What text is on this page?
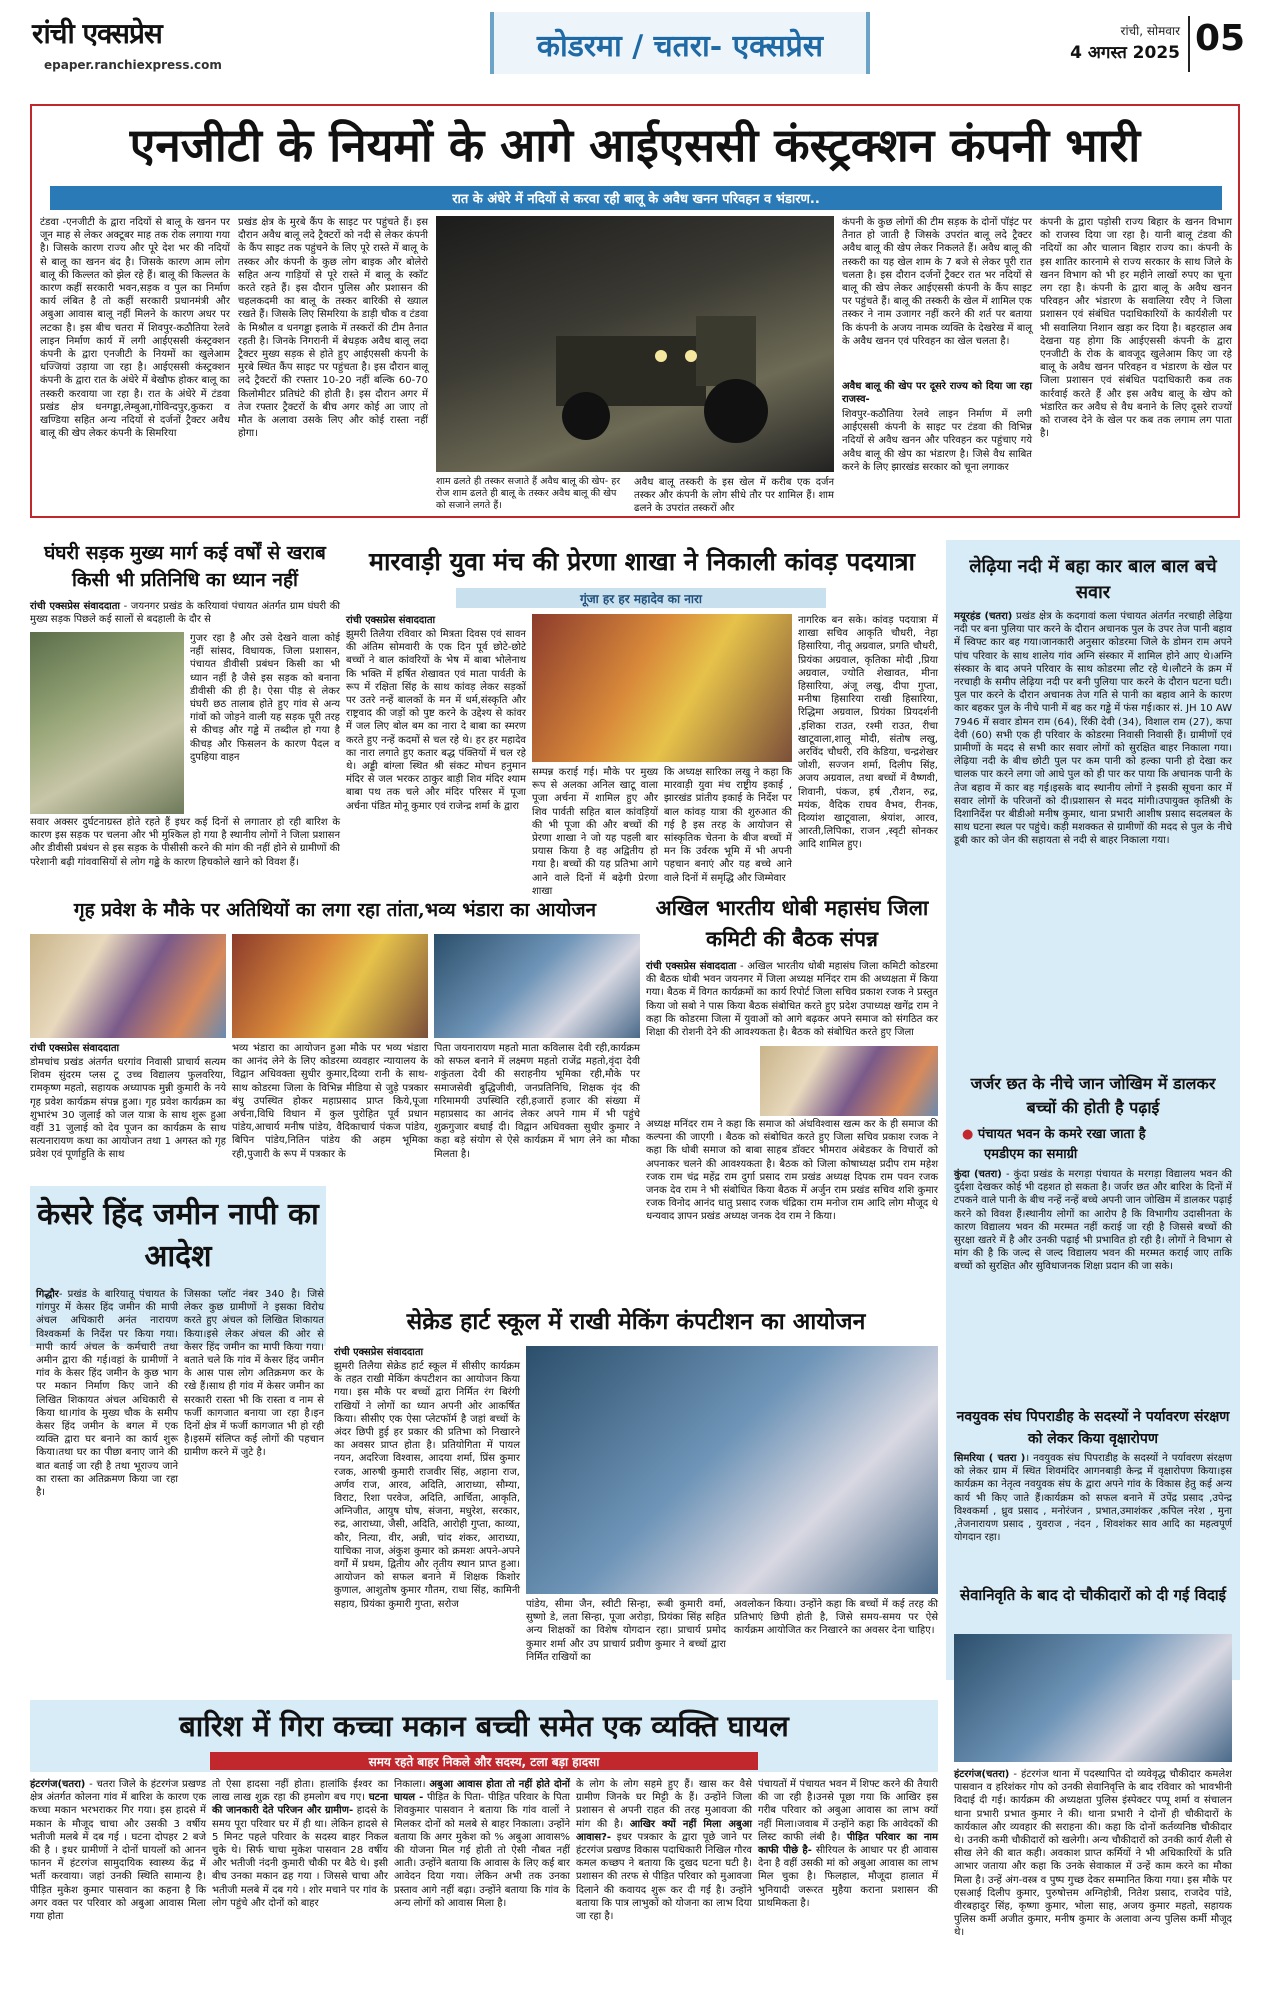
रांची एक्सप्रेस
epaper.ranchiexpress.com
कोडरमा / चतरा- एक्सप्रेस	रांची, सोमवार
4 अगस्त 2025 05
एनजीटी के नियमों के आगे आईएससी कंस्ट्रक्शन कंपनी भारी
रात के अंधेरे में नदियों से करवा रही बालू के अवैध खनन परिवहन व भंडारण..
टंडवा -एनजीटी के द्वारा नदियों से बालू के खनन पर जून माह से लेकर अक्टूबर माह तक रोक लगाया गया है। जिसके कारण राज्य और पूरे देश भर की नदियों से बालू का खनन बंद है। जिसके कारण आम लोग बालू की किल्लत को झेल रहे हैं। बालू की किल्लत के कारण कहीं सरकारी भवन,सड़क व पुल का निर्माण कार्य लंबित है तो कहीं सरकारी प्रधानमंत्री और अबुआ आवास बालू नहीं मिलने के कारण अधर पर लटका है। इस बीच चतरा में शिवपुर-कठौतिया रेलवे लाइन निर्माण कार्य में लगी आईएससी कंस्ट्रक्शन कंपनी के द्वारा एनजीटी के नियमों का खुलेआम धज्जियां उड़ाया जा रहा है। आईएससी कंस्ट्रक्शन कंपनी के द्वारा रात के अंधेरे में बेखौफ होकर बालू का तस्करी करवाया जा रहा है। रात के अंधेरे में टंडवा प्रखंड क्षेत्र धनगड्डा,लेम्बुआ,गोविन्दपुर,कुकरा व खण्डिया सहित अन्य नदियों से दर्जनों ट्रैक्टर अवैध बालू की खेप लेकर कंपनी के सिमरिया
प्रखंड क्षेत्र के मुरबे कैंप के साइट पर पहुंचते हैं। इस दौरान अवैध बालू लदे ट्रैक्टरों को नदी से लेकर कंपनी के कैंप साइट तक पहुंचने के लिए पूरे रास्ते में बालू के तस्कर और कंपनी के कुछ लोग बाइक और बोलेरो सहित अन्य गाड़ियों से पूरे रास्ते में बालू के स्कॉट करते रहते हैं। इस दौरान पुलिस और प्रशासन की चहलकदमी का बालू के तस्कर बारिकी से ख्याल रखते हैं। जिसके लिए सिमरिया के डाड़ी चौक व टंडवा के मिश्रौल व धनगड्डा इलाके में तस्करों की टीम तैनात रहती है। जिनके निगरानी में बेधड़क अवैध बालू लदा ट्रैक्टर मुख्य सड़क से होते हुए आईएससी कंपनी के मुरबे स्थित कैंप साइट पर पहुंचता है। इस दौरान बालू लदे ट्रैक्टरों की रफ्तार 10-20 नहीं बल्कि 60-70 किलोमीटर प्रतिघंटे की होती है। इस दौरान अगर में तेज रफ्तार ट्रैक्टरों के बीच अगर कोई आ जाए तो मौत के अलावा उसके लिए और कोई रास्ता नहीं होगा।
शाम ढलते ही तस्कर सजाते हैं अवैध बालू की खेप- हर रोज शाम ढलते ही बालू के तस्कर अवैध बालू की खेप को सजाने लगते हैं।
अवैध बालू तस्करी के इस खेल में करीब एक दर्जन तस्कर और कंपनी के लोग सीधे तौर पर शामिल हैं। शाम ढलने के उपरांत तस्करों और
कंपनी के कुछ लोगों की टीम सड़क के दोनों पॉइंट पर तैनात हो जाती है जिसके उपरांत बालू लदे ट्रैक्टर अवैध बालू की खेप लेकर निकलते हैं। अवैध बालू की तस्करी का यह खेल शाम के 7 बजे से लेकर पूरी रात चलता है। इस दौरान दर्जनों ट्रैक्टर रात भर नदियों से बालू की खेप लेकर आईएससी कंपनी के कैंप साइट पर पहुंचते हैं। बालू की तस्करी के खेल में शामिल एक तस्कर ने नाम उजागर नहीं करने की शर्त पर बताया कि कंपनी के अजय नामक व्यक्ति के देखरेख में बालू के अवैध खनन एवं परिवहन का खेल चलता है।
अवैध बालू की खेप पर दूसरे राज्य को दिया जा रहा राजस्व-
शिवपुर-कठौतिया रेलवे लाइन निर्माण में लगी आईएससी कंपनी के साइट पर टंडवा की विभिन्न नदियों से अवैध खनन और परिवहन कर पहुंचाए गये अवैध बालू की खेप का भंडारण है। जिसे वैध साबित करने के लिए झारखंड सरकार को चूना लगाकर
कंपनी के द्वारा पड़ोसी राज्य बिहार के खनन विभाग को राजस्व दिया जा रहा है। यानी बालू टंडवा की नदियों का और चालान बिहार राज्य का। कंपनी के इस शातिर कारनामे से राज्य सरकार के साथ जिले के खनन विभाग को भी हर महीने लाखों रुपए का चूना लग रहा है। कंपनी के द्वारा बालू के अवैध खनन परिवहन और भंडारण के सवालिया रवैए ने जिला प्रशासन एवं संबंधित पदाधिकारियों के कार्यशैली पर भी सवालिया निशान खड़ा कर दिया है। बहरहाल अब देखना यह होगा कि आईएससी कंपनी के द्वारा एनजीटी के रोक के बावजूद खुलेआम किए जा रहे बालू के अवैध खनन परिवहन व भंडारण के खेल पर जिला प्रशासन एवं संबंधित पदाधिकारी कब तक कार्रवाई करते हैं और इस अवैध बालू के खेप को भंडारित कर अवैध से वैध बनाने के लिए दूसरे राज्यों को राजस्व देने के खेल पर कब तक लगाम लग पाता है।
घंघरी सड़क मुख्य मार्ग कई वर्षों से खराब किसी भी प्रतिनिधि का ध्यान नहीं
रांची एक्सप्रेस संवाददाता - जयनगर प्रखंड के करियावां पंचायत अंतर्गत ग्राम घंघरी की मुख्य सड़क पिछले कई सालों से बदहाली के दौर से
गुजर रहा है और उसे देखने वाला कोई नहीं सांसद, विधायक, जिला प्रशासन, पंचायत डीवीसी प्रबंधन किसी का भी ध्यान नहीं है जैसे इस सड़क को बनाना डीवीसी की ही है। ऐसा पीड़ से लेकर घंघरी छठ तालाब होते हुए गांव से अन्य गांवों को जोड़ने वाली यह सड़क पूरी तरह से कीचड़ और गड्ढे में तब्दील हो गया है कीचड़ और फिसलन के कारण पैदल व दुपहिया वाहन
सवार अक्सर दुर्घटनाग्रस्त होते रहते हैं इधर कई दिनों से लगातार हो रही बारिश के कारण इस सड़क पर चलना और भी मुश्किल हो गया है स्थानीय लोगों ने जिला प्रशासन और डीवीसी प्रबंधन से इस सड़क के पीसीसी करने की मांग की नहीं होने से ग्रामीणों की परेशानी बढ़ी गांववासियों से लोग गढ्ढे के कारण हिचकोले खाने को विवश हैं।
मारवाड़ी युवा मंच की प्रेरणा शाखा ने निकाली कांवड़ पदयात्रा
गूंजा हर हर महादेव का नारा
रांची एक्सप्रेस संवाददाता
झुमरी तिलैया रविवार को मित्रता दिवस एवं सावन की अंतिम सोमवारी के एक दिन पूर्व छोटे-छोटे बच्चों ने बाल कांवरियों के भेष में बाबा भोलेनाथ कि भक्ति में हर्षित शेखावत एवं माता पार्वती के रूप में रक्षिता सिंह के साथ कांवड़ लेकर सड़कों पर उतरे नन्हें बालकों के मन में धर्म,संस्कृति और राष्ट्रवाद की जड़ों को पुष्ट करने के उद्देश्य से कांवर में जल लिए बोल बम का नारा दे बाबा का स्मरण करते हुए नन्हें कदमों से चल रहे थे। हर हर महादेव का नारा लगाते हुए कतार बद्ध पंक्तियों में चल रहे थे। अड्डी बांग्ला स्थित श्री संकट मोचन हनुमान मंदिर से जल भरकर ठाकुर बाड़ी शिव मंदिर श्याम बाबा पथ तक चले और मंदिर परिसर में पूजा अर्चना पंडित मोनू कुमार एवं राजेन्द्र शर्मा के द्वारा
सम्पन्न कराई गई। मौके पर मुख्य रूप से अलका अनिल खाटू वाला पूजा अर्चना में शामिल हुए और शिव पार्वती सहित बाल कांवड़ियों की भी पूजा की और बच्चों की प्रेरणा शाखा ने जो यह पहली बार प्रयास किया है वह अद्वितीय हो गया है। बच्चों की यह प्रतिभा आगे आने वाले दिनों में बढ़ेगी प्रेरणा शाखा
कि अध्यक्ष सारिका लखु ने कहा कि मारवाड़ी युवा मंच राष्ट्रीय इकाई , झारखंड प्रांतीय इकाई के निर्देश पर बाल कांवड़ यात्रा की शुरुआत की गई है इस तरह के आयोजन से सांस्कृतिक चेतना के बीज बच्चों में मन कि उर्वरक भूमि में भी अपनी पहचान बनाएं और यह बच्चे आने वाले दिनों में समृद्धि और जिम्मेवार
नागरिक बन सके। कांवड़ पदयात्रा में शाखा सचिव आकृति चौधरी, नेहा हिसारिया, नीतू अग्रवाल, प्रगति चौधरी, प्रियंका अग्रवाल, कृतिका मोदी ,प्रिया अग्रवाल, ज्योति शेखावत, मीना हिसारिया, अंजू लखु, दीपा गुप्ता, मनीषा हिसारिया राखी हिसारिया, रिद्धिमा अग्रवाल, प्रियंका प्रियदर्शनी ,इशिका राउत, रश्मी राउत, रीचा खाटूवाला,शालू मोदी, संतोष लखु, अरविंद चौधरी, रवि केडिया, चन्द्रशेखर जोशी, सज्जन शर्मा, दिलीप सिंह, अजय अग्रवाल, तथा बच्चों में वैष्णवी, शिवानी, पंकज, हर्ष ,रौशन, रुद्र, मयंक, वैदिक राघव वैभव, रीनक, दिव्यांश खाटूवाला, श्रेयांश, आरव, आरती,लिपिका, राजन ,स्वृटी सोनकर आदि शामिल हुए।
लेढ़िया नदी में बहा कार बाल बाल बचे सवार
मयूरहंड (चतरा) प्रखंड क्षेत्र के कदगावां कला पंचायत अंतर्गत नरचाही लेढ़िया नदी पर बना पुलिया पार करने के दौरान अचानक पुल के उपर तेज पानी बहाव में स्विफ्ट कार बह गया।जानकारी अनुसार कोडरमा जिले के डोमन राम अपने पांच परिवार के साथ शालेय गांव अग्नि संस्कार में शामिल होने आए थे।अग्नि संस्कार के बाद अपने परिवार के साथ कोडरमा लौट रहे थे।लौटने के क्रम में नरचाही के समीप लेढ़िया नदी पर बनी पुलिया पार करने के दौरान घटना घटी।पुल पार करने के दौरान अचानक तेज गति से पानी का बहाव आने के कारण कार बहकर पुल के नीचे पानी में बह कर गड्ढे में फंस गई।कार सं. JH 10 AW 7946 में सवार डोमन राम (64), रिंकी देवी (34), विशाल राम (27), कपा देवी (60) सभी एक ही परिवार के कोडरमा निवासी निवासी हैं। ग्रामीणों एवं प्रामीणों के मदद से सभी कार सवार लोगों को सुरक्षित बाहर निकाला गया।लेढ़िया नदी के बीच छोटी पुल पर कम पानी को हल्का पानी हो देखा कर चालक पार करने लगा जो आधे पुल को ही पार कर पाया कि अचानक पानी के तेज बहाव में कार बह गई।इसके बाद स्थानीय लोगों ने इसकी सूचना कार में सवार लोगों के परिजनों को दी।प्रशासन से मदद मांगी।उपायुक्त कृतिश्री के दिशानिर्देश पर बीडीओ मनीष कुमार, थाना प्रभारी आशीष प्रसाद सदलबल के साथ घटना स्थल पर पहुंचे। कड़ी मशक्कत से ग्रामीणों की मदद से पुल के नीचे डूबी कार को जेन की सहायता से नदी से बाहर निकाला गया।
जर्जर छत के नीचे जान जोखिम में डालकर बच्चों की होती है पढ़ाई
● पंचायत भवन के कमरे रखा जाता है
एमडीएम का समाग्री
कुंदा (चतरा) - कुंदा प्रखंड के मरगड़ा पंचायत के मरगड़ा विद्यालय भवन की दुर्दशा देखकर कोई भी दहशत हो सकता है। जर्जर छत और बारिश के दिनों में टपकने वाले पानी के बीच नन्हें नन्हें बच्चे अपनी जान जोखिम में डालकर पढ़ाई करने को विवश हैं।स्थानीय लोगों का आरोप है कि विभागीय उदासीनता के कारण विद्यालय भवन की मरम्मत नहीं कराई जा रही है जिससे बच्चों की सुरक्षा खतरे में है और उनकी पढ़ाई भी प्रभावित हो रही है। लोगों ने विभाग से मांग की है कि जल्द से जल्द विद्यालय भवन की मरम्मत कराई जाए ताकि बच्चों को सुरक्षित और सुविधाजनक शिक्षा प्रदान की जा सके।
नवयुवक संघ पिपराडीह के सदस्यों ने पर्यावरण संरक्षण को लेकर किया वृक्षारोपण
सिमरिया ( चतरा )। नवयुवक संघ पिपराडीह के सदस्यों ने पर्यावरण संरक्षण को लेकर ग्राम में स्थित शिवमंदिर आगनबाड़ी केन्द्र में वृक्षारोपण किया।इस कार्यक्रम का नेतृत्व नवयुवक संघ के द्वारा अपने गांव के विकास हेतु कई अन्य कार्य भी किए जाते हैं।कार्यक्रम को सफल बनाने में उपेंद्र प्रसाद ,उपेन्द्र विश्वकर्मा , ध्रुव प्रसाद , मनोरंजन , प्रभात,उमाशंकर ,कपिल नरेश , मुना ,तेजनारायण प्रसाद , युवराज , नंदन , शिवशंकर साव आदि का महत्वपूर्ण योगदान रहा।
सेवानिवृति के बाद दो चौकीदारों को दी गई विदाई
हंटरगंज(चतरा) - हंटरगंज थाना में पदस्थापित दो व्यवेवृद्ध चौकीदार कमलेश पासवान व हरिशंकर गोप को उनकी सेवानिवृत्ति के बाद रविवार को भावभीनी विदाई दी गई। कार्यक्रम की अध्यक्षता पुलिस इंस्पेक्टर पप्पू शर्मा व संचालन थाना प्रभारी प्रभात कुमार ने की। थाना प्रभारी ने दोनों ही चौकीदारों के कार्यकाल और व्यवहार की सराहना की। कहा कि दोनों कर्तव्यनिष्ठ चौकीदार थे। उनकी कमी चौकीदारों को खलेगी। अन्य चौकीदारों को उनकी कार्य शैली से सीख लेने की बात कही। अवकाश प्राप्त कर्मियों ने भी अधिकारियों के प्रति आभार जताया और कहा कि उनके सेवाकाल में उन्हें काम करने का मौका मिला है। उन्हें अंग-वस्त्र व पुष्प गुच्छ देकर सम्मानित किया गया। इस मौके पर एसआई दिलीप कुमार, पुरुषोत्तम अग्निहोत्री, नितेश प्रसाद, राजदेव पांडे, वीरबहादुर सिंह, कृष्णा कुमार, भोला साह, अजय कुमार महतो, सहायक पुलिस कर्मी अजीत कुमार, मनीष कुमार के अलावा अन्य पुलिस कर्मी मौजूद थे।
गृह प्रवेश के मौके पर अतिथियों का लगा रहा तांता,भव्य भंडारा का आयोजन
रांची एक्सप्रेस संवाददाता
डोमचांच प्रखंड अंतर्गत धरगांव निवासी प्राचार्य सत्यम शिवम सुंदरम प्लस टू उच्च विद्यालय फुलवरिया, रामकृष्ण महतो, सहायक अध्यापक मुन्नी कुमारी के नये गृह प्रवेश कार्यक्रम संपन्न हुआ। गृह प्रवेश कार्यक्रम का शुभारंभ 30 जुलाई को जल यात्रा के साथ शुरू हुआ वहीं 31 जुलाई को देव पूजन का कार्यक्रम के साथ सत्यनारायण कथा का आयोजन तथा 1 अगस्त को गृह प्रवेश एवं पूर्णाहुति के साथ
भव्य भंडारा का आयोजन हुआ मौके पर भव्य भंडारा का आनंद लेने के लिए कोडरमा व्यवहार न्यायालय के विद्वान अधिवक्ता सुधीर कुमार,दिव्या रानी के साथ-साथ कोडरमा जिला के विभिन्न मीडिया से जुड़े पत्रकार बंधु उपस्थित होकर महाप्रसाद प्राप्त किये,पूजा अर्चना,विधि विधान में कुल पुरोहित पूर्व प्रधान पांडेय,आचार्य मनीष पांडेय, वैदिकाचार्य पंकज पांडेय, बिपिन पांडेय,नितिन पांडेय की अहम भूमिका रही,पुजारी के रूप में पत्रकार के
पिता जयनारायण महतो माता कविलास देवी रही,कार्यक्रम को सफल बनाने में लक्ष्मण महतो राजेंद्र महतो,वृंदा देवी शकुंतला देवी की सराहनीय भूमिका रही,मौके पर समाजसेवी बुद्धिजीवी, जनप्रतिनिधि, शिक्षक वृंद की गरिमामयी उपस्थिति रही,हजारों हजार की संख्या में महाप्रसाद का आनंद लेकर अपने गाम में भी पहुंचे शुक्रगुजार बधाई दी। विद्वान अधिवक्ता सुधीर कुमार ने कहा बड़े संयोग से ऐसे कार्यक्रम में भाग लेने का मौका मिलता है।
अखिल भारतीय धोबी महासंघ जिला कमिटी की बैठक संपन्न
रांची एक्सप्रेस संवाददाता - अखिल भारतीय धोबी महासंघ जिला कमिटी कोडरमा की बैठक धोबी भवन जयनगर में जिला अध्यक्ष मनिंदर राम की अध्यक्षता में किया गया। बैठक में विगत कार्यक्रमों का कार्य रिपोर्ट जिला सचिव प्रकाश रजक ने प्रस्तुत किया जो सबो ने पास किया बैठक संबोधित करते हुए प्रदेश उपाध्यक्ष खगेंद्र राम ने कहा कि कोडरमा जिला में युवाओं को आगे बढ़कर अपने समाज को संगठित कर शिक्षा की रोशनी देने की आवश्यकता है। बैठक को संबोधित करते हुए जिला
अध्यक्ष मनिंदर राम ने कहा कि समाज को अंधविश्वास खत्म कर के ही समाज की कल्पना की जाएगी । बैठक को संबोधित करते हुए जिला सचिव प्रकाश रजक ने कहा कि धोबी समाज को बाबा साहब डॉक्टर भीमराव अंबेडकर के विचारों को अपनाकर चलने की आवश्यकता है। बैठक को जिला कोषाध्यक्ष प्रदीप राम महेश रजक राम चंद्र महेंद्र राम दुर्गा प्रसाद राम प्रखंड अध्यक्ष दिपक राम पवन रजक जनक देव राम ने भी संबोधित किया बैठक में अर्जुन राम प्रखंड सचिव शशि कुमार रजक विनोद आनंद धातु प्रसाद रजक चंद्रिका राम मनोज राम आदि लोग मौजूद थे धन्यवाद ज्ञापन प्रखंड अध्यक्ष जनक देव राम ने किया।
केसरे हिंद जमीन नापी का आदेश
गिद्धौर- प्रखंड के बारियातू पंचायत के गांगपुर में केसर हिंद जमीन की मापी अंचल अधिकारी अनंत नारायण विश्वकर्मा के निर्देश पर किया गया। मापी कार्य अंचल के कर्मचारी तथा अमीन द्वारा की गई।वहां के ग्रामीणों ने गांव के केसर हिंद जमीन के कुछ भाग पर मकान निर्माण किए जाने की लिखित शिकायत अंचल अधिकारी से किया था।गांव के मुख्य चौक के समीप केसर हिंद जमीन के बगल में एक व्यक्ति द्वारा घर बनाने का कार्य शुरू किया।तथा घर का पीछा बनाए जाने की बात बताई जा रही है तथा भूराज्य जाने का रास्ता का अतिक्रमण किया जा रहा है।
जिसका प्लॉट नंबर 340 है। जिसे लेकर कुछ ग्रामीणों ने इसका विरोध करते हुए अंचल को लिखित शिकायत किया।इसे लेकर अंचल की ओर से केसर हिंद जमीन का मापी किया गया।बताते चले कि गांव में केसर हिंद जमीन के आस पास लोग अतिक्रमण कर के रखे हैं।साथ ही गांव में केसर जमीन का सरकारी रास्ता भी कि रास्ता व नाम से फर्जी कागजात बनाया जा रहा है।इन दिनों क्षेत्र में फर्जी कागजात भी हो रही है।इसमें संलिप्त कई लोगों की पहचान ग्रामीण करने में जुटे है।
सेक्रेड हार्ट स्कूल में राखी मेकिंग कंपटीशन का आयोजन
रांची एक्सप्रेस संवाददाता
झुमरी तिलैया सेक्रेड हार्ट स्कूल में सीसीए कार्यक्रम के तहत राखी मेकिंग कंपटीशन का आयोजन किया गया। इस मौके पर बच्चों द्वारा निर्मित रंग बिरंगी राखियों ने लोगों का ध्यान अपनी ओर आकर्षित किया। सीसीए एक ऐसा प्लेटफॉर्म है जहां बच्चों के अंदर छिपी हुई हर प्रकार की प्रतिभा को निखारने का अवसर प्राप्त होता है। प्रतियोगिता में पायल नयन, अदरिजा विश्वास, आदया शर्मा, प्रिंस कुमार रजक, आरुषी कुमारी राजवीर सिंह, अहाना राज, अर्णव राज, आरव, अदिति, आराध्या, सौम्या, विराट, रिशा परवेज, अदिति, आर्चिता, आकृति, अग्निजीत, आयुष घोष, संजना, मधुरेश, सरकार, रुद्र, आराध्या, जैसी, अदिति, आरोही गुप्ता, काव्या, कौर, नित्या, वीर, अन्नी, चांद शंकर, आराध्या, याचिका नाज, अंकुश कुमार को क्रमशः अपने-अपने वर्गों में प्रथम, द्वितीय और तृतीय स्थान प्राप्त हुआ। आयोजन को सफल बनाने में शिक्षक किशोर कुणाल, आशुतोष कुमार गौतम, राधा सिंह, कामिनी सहाय, प्रियंका कुमारी गुप्ता, सरोज	पांडेय, सीमा जैन, स्वीटी सिन्हा, रूबी कुमारी वर्मा, सुष्णो डे, लता सिन्हा, पूजा अरोड़ा, प्रियंका सिंह सहित अन्य शिक्षकों का विशेष योगदान रहा। प्राचार्य प्रमोद कुमार शर्मा और उप प्राचार्य प्रवीण कुमार ने बच्चों द्वारा निर्मित राखियों का
अवलोकन किया। उन्होंने कहा कि बच्चों में कई तरह की प्रतिभाएं छिपी होती है, जिसे समय-समय पर ऐसे कार्यक्रम आयोजित कर निखारने का अवसर देना चाहिए।
बारिश में गिरा कच्चा मकान बच्ची समेत एक व्यक्ति घायल
समय रहते बाहर निकले और सदस्य, टला बड़ा हादसा
हंटरगंज(चतरा) - चतरा जिले के हंटरगंज प्रखण्ड क्षेत्र अंतर्गत कोलना गांव में बारिश के कारण एक कच्चा मकान भरभराकर गिर गया। इस हादसे में मकान के मौजूद चाचा और उसकी 3 वर्षीय भतीजी मलबे में दब गई । घटना दोपहर 2 बजे की है । इधर ग्रामीणों ने दोनों घायलों को आनन फानन में हंटरगंज सामुदायिक स्वास्थ्य केंद्र में भर्ती करवाया। जहां उनकी स्थिति सामान्य है।पीड़ित मुकेश कुमार पासवान का कहना है कि अगर वक्त पर परिवार को अबुआ आवास मिला गया होता
तो ऐसा हादसा नहीं होता। हालांकि ईश्वर का लाख लाख शुक्र रहा की हमलोग बच गए। घटना की जानकारी देते परिजन और ग्रामीण- हादसे के समय पूरा परिवार घर में ही था। लेकिन हादसे से 5 मिनट पहले परिवार के सदस्य बाहर निकल चुके थे। सिर्फ चाचा मुकेश पासवान 28 वर्षीय और भतीजी नंदनी कुमारी चौकी पर बैठे थे। इसी बीच उनका मकान ढह गया । जिससे चाचा और भतीजी मलबे में दब गये । शोर मचाने पर गांव के लोग पहुंचे और दोनों को बाहर
निकाला। अबुआ आवास होता तो नहीं होते दोनों घायल - पीड़ित के पिता- पीड़ित परिवार के पिता शिवकुमार पासवान ने बताया कि गांव वालों ने मिलकर दोनों को मलबे से बाहर निकाला। उन्होंने बताया कि अगर मुकेश को % अबुआ आवास% की योजना मिल गई होती तो ऐसी नौबत नहीं आती। उन्होंने बताया कि आवास के लिए कई बार आवेदन दिया गया। लेकिन अभी तक उनका प्रस्ताव आगे नहीं बढ़ा। उन्होंने बताया कि गांव के अन्य लोगों को आवास मिला है।
के लोग के लोग सहमे हुए हैं। खास कर वैसे ग्रामीण जिनके घर मिट्टी के हैं। उन्होंने जिला प्रशासन से अपनी राहत की तरह मुआवजा की मांग की है। आखिर क्यों नहीं मिला अबुआ आवास?- इधर पत्रकार के द्वारा पूछे जाने पर हंटरगंज प्रखण्ड विकास पदाधिकारी निखिल गौरव कमल कच्छप ने बताया कि दुखद घटना घटी है।प्रशासन की तरफ से पीड़ित परिवार को मुआवजा दिलाने की कवायद शुरू कर दी गई है। उन्होंने बताया कि पात्र लाभुकों को योजना का लाभ दिया जा रहा है।
पंचायतों में पंचायत भवन में शिफ्ट करने की तैयारी की जा रही है।उनसे पूछा गया कि आखिर इस गरीब परिवार को अबुआ आवास का लाभ क्यों नहीं मिला।जवाब में उन्होंने कहा कि आवेदकों की लिस्ट काफी लंबी है। पीड़ित परिवार का नाम काफी पीछे है- सीरियल के आधार पर ही आवास देना है वहीं उसकी मां को अबुआ आवास का लाभ मिल चुका है। फिलहाल, मौजूदा हालात में भुनियादी जरूरत मुहैया कराना प्रशासन की प्राथमिकता है।
